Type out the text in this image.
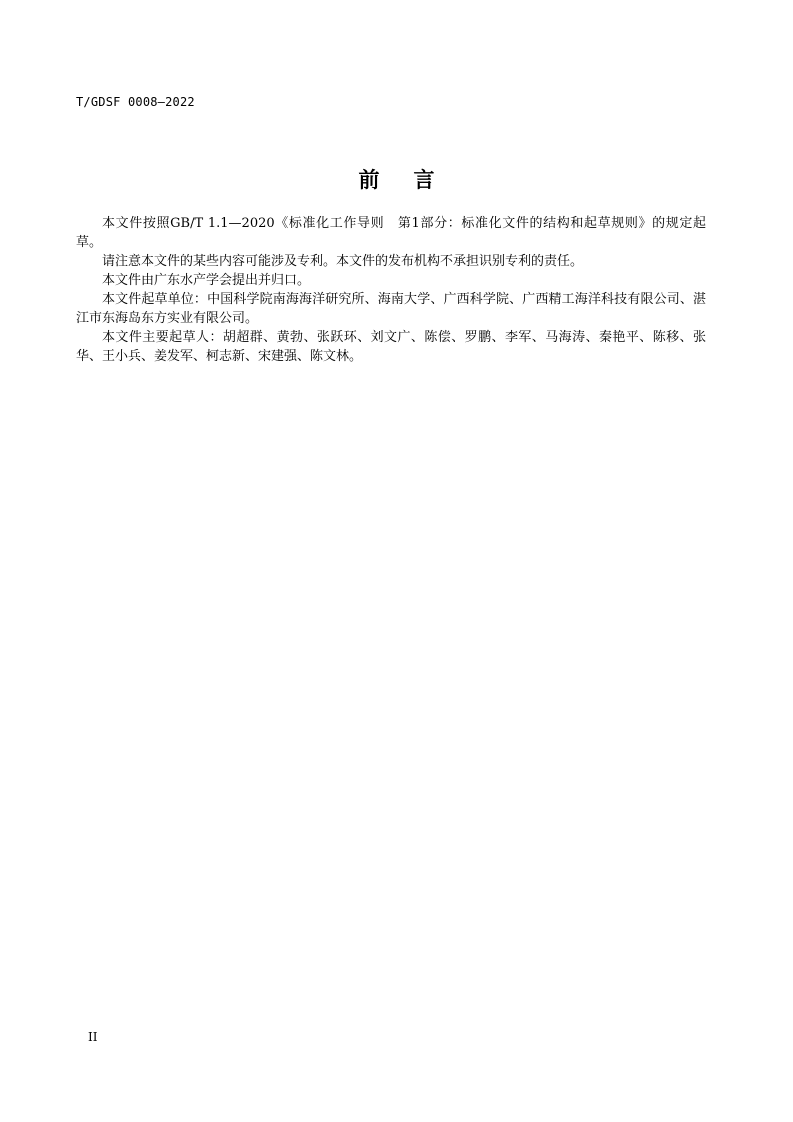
T/GDSF 0008—2022
前言

本文件按照GB/T 1.1—2020《标准化工作导则　第1部分：标准化文件的结构和起草规则》的规定起草。

请注意本文件的某些内容可能涉及专利。本文件的发布机构不承担识别专利的责任。

本文件由广东水产学会提出并归口。

本文件起草单位：中国科学院南海海洋研究所、海南大学、广西科学院、广西精工海洋科技有限公司、湛江市东海岛东方实业有限公司。

本文件主要起草人：胡超群、黄勃、张跃环、刘文广、陈偿、罗鹏、李军、马海涛、秦艳平、陈移、张华、王小兵、姜发军、柯志新、宋建强、陈文林。

II
